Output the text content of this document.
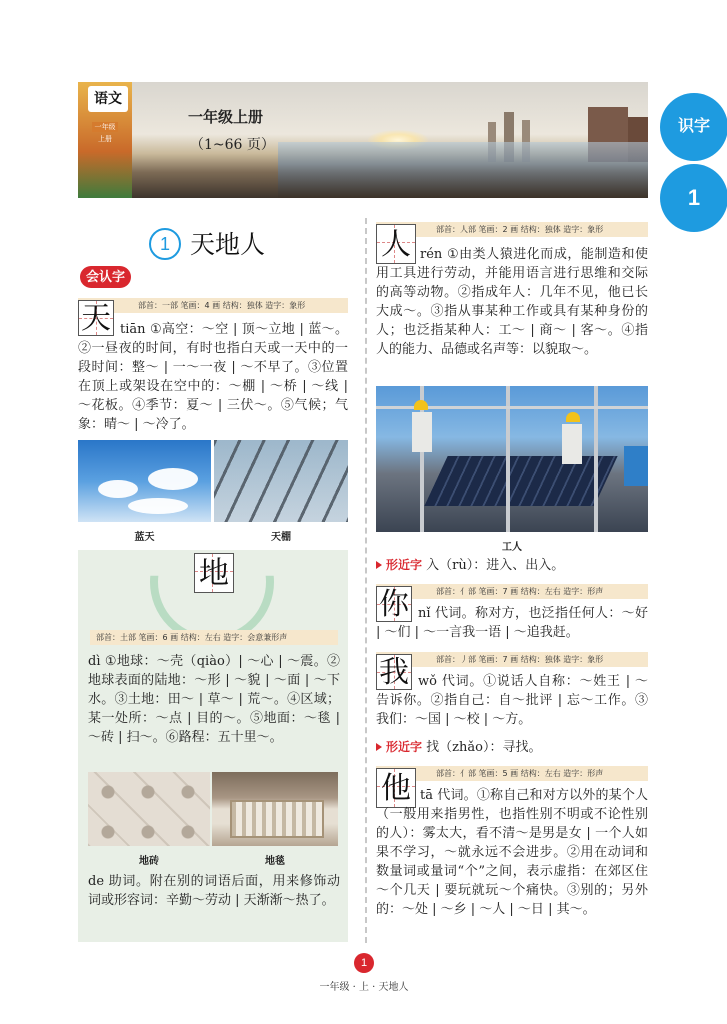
语文
一年级
上册
一年级上册
（1~66 页）
识字
1
1 天地人
会认字
部首：一部 笔画：4 画 结构：独体 造字：象形
天 tiān ①高空：～空 | 顶～立地 | 蓝～。②一昼夜的时间，有时也指白天或一天中的一段时间：整～ | 一～一夜 | ～不早了。③位置在顶上或架设在空中的：～棚 | ～桥 | ～线 | ～花板。④季节：夏～ | 三伏～。⑤气候；气象：晴～ | ～冷了。
蓝天	天棚
地
部首：土部 笔画：6 画 结构：左右 造字：会意兼形声
dì ①地球：～壳（qiào）| ～心 | ～震。②地球表面的陆地：～形 | ～貌 | ～面 | ～下水。③土地：田～ | 草～ | 荒～。④区域；某一处所：～点 | 目的～。⑤地面：～毯 | ～砖 | 扫～。⑥路程：五十里～。
地砖	地毯
de 助词。附在别的词语后面，用来修饰动词或形容词：辛勤～劳动 | 天渐渐～热了。
部首：人部 笔画：2 画 结构：独体 造字：象形
人 rén ①由类人猿进化而成，能制造和使用工具进行劳动，并能用语言进行思维和交际的高等动物。②指成年人：几年不见，他已长大成～。③指从事某种工作或具有某种身份的人；也泛指某种人：工～ | 商～ | 客～。④指人的能力、品德或名声等：以貌取～。
工人
形近字 入（rù）：进入、出入。
部首：亻部 笔画：7 画 结构：左右 造字：形声
你 nǐ 代词。称对方，也泛指任何人：～好 | ～们 | ～一言我一语 | ～追我赶。
部首：丿部 笔画：7 画 结构：独体 造字：象形
我 wǒ 代词。①说话人自称：～姓王 | ～告诉你。②指自己：自～批评 | 忘～工作。③我们：～国 | ～校 | ～方。
形近字 找（zhǎo）：寻找。
部首：亻部 笔画：5 画 结构：左右 造字：形声
他 tā 代词。①称自己和对方以外的某个人（一般用来指男性，也指性别不明或不论性别的人）：雾太大，看不清～是男是女 | 一个人如果不学习，～就永远不会进步。②用在动词和数量词或量词“个”之间，表示虚指：在郊区住～个几天 | 要玩就玩～个痛快。③别的；另外的：～处 | ～乡 | ～人 | ～日 | 其～。
1
一年级 · 上 · 天地人
